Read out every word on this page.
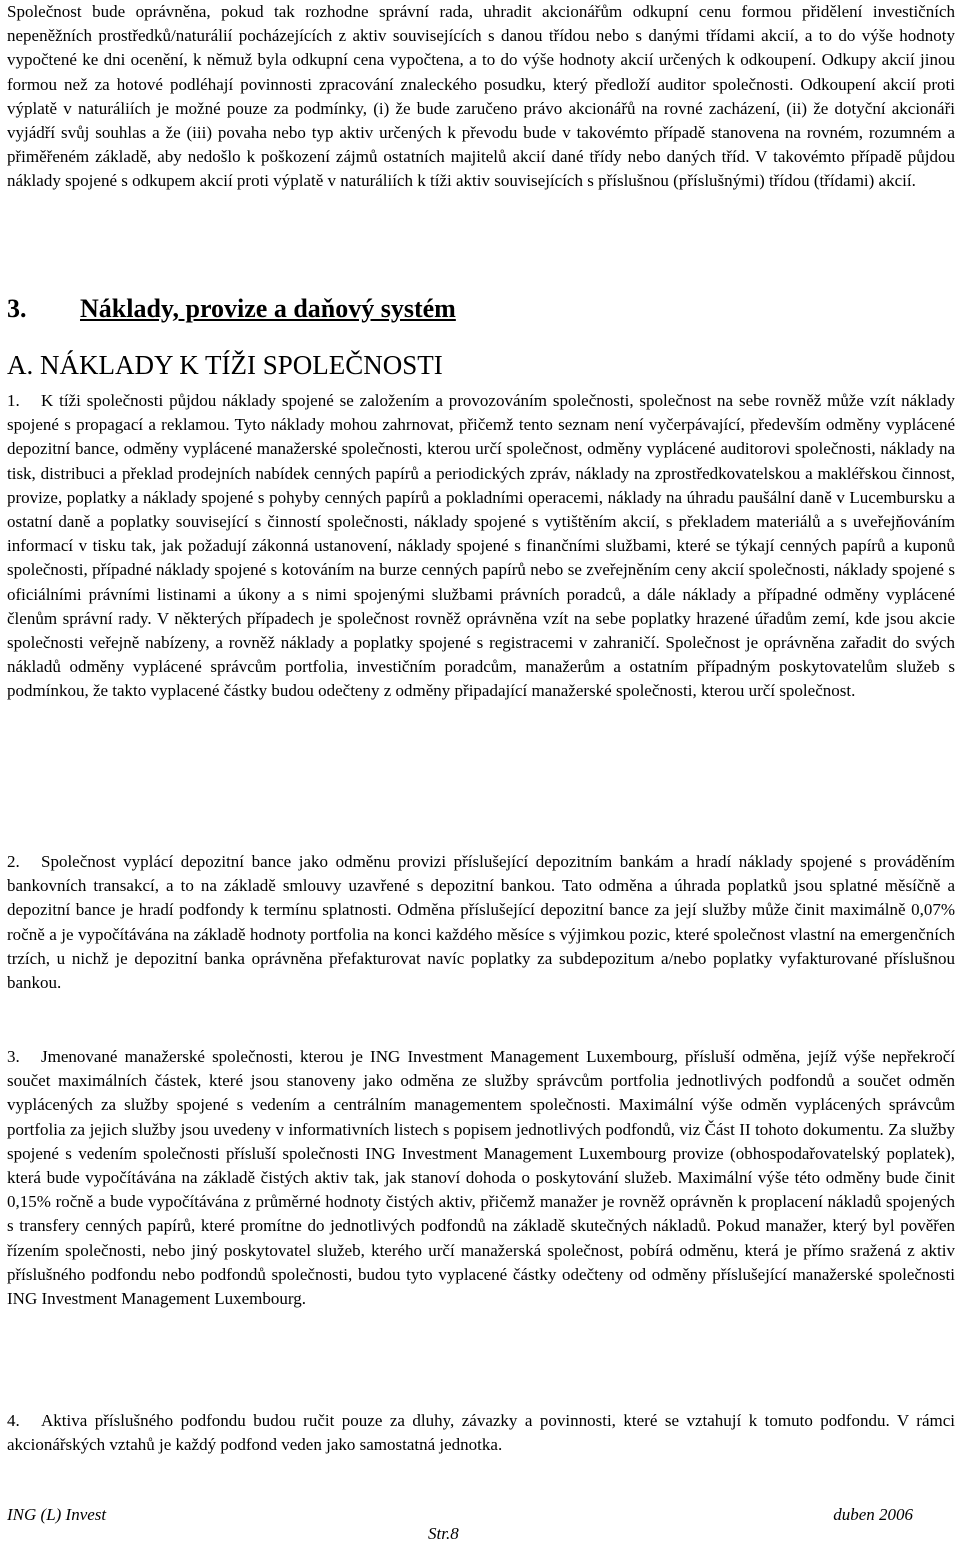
Společnost bude oprávněna, pokud tak rozhodne správní rada, uhradit akcionářům odkupní cenu formou přidělení investičních nepeněžních prostředků/naturálií pocházejících z aktiv souvisejících s danou třídou nebo s danými třídami akcií, a to do výše hodnoty vypočtené ke dni ocenění, k němuž byla odkupní cena vypočtena, a to do výše hodnoty akcií určených k odkoupení. Odkupy akcií jinou formou než za hotové podléhají povinnosti zpracování znaleckého posudku, který předloží auditor společnosti. Odkoupení akcií proti výplatě v naturáliích je možné pouze za podmínky, (i) že bude zaručeno právo akcionářů na rovné zacházení, (ii) že dotyční akcionáři vyjádří svůj souhlas a že (iii) povaha nebo typ aktiv určených k převodu bude v takovémto případě stanovena na rovném, rozumném a přiměřeném základě, aby nedošlo k poškození zájmů ostatních majitelů akcií dané třídy nebo daných tříd. V takovémto případě půjdou náklady spojené s odkupem akcií proti výplatě v naturáliích k tíži aktiv souvisejících s příslušnou (příslušnými) třídou (třídami) akcií.

3. Náklady, provize a daňový systém
A. NÁKLADY K TÍŽI SPOLEČNOSTI

1. K tíži společnosti půjdou náklady spojené se založením a provozováním společnosti, společnost na sebe rovněž může vzít náklady spojené s propagací a reklamou. Tyto náklady mohou zahrnovat, přičemž tento seznam není vyčerpávající, především odměny vyplácené depozitní bance, odměny vyplácené manažerské společnosti, kterou určí společnost, odměny vyplácené auditorovi společnosti, náklady na tisk, distribuci a překlad prodejních nabídek cenných papírů a periodických zpráv, náklady na zprostředkovatelskou a makléřskou činnost, provize, poplatky a náklady spojené s pohyby cenných papírů a pokladními operacemi, náklady na úhradu paušální daně v Lucembursku a ostatní daně a poplatky související s činností společnosti, náklady spojené s vytištěním akcií, s překladem materiálů a s uveřejňováním informací v tisku tak, jak požadují zákonná ustanovení, náklady spojené s finančními službami, které se týkají cenných papírů a kuponů společnosti, případné náklady spojené s kotováním na burze cenných papírů nebo se zveřejněním ceny akcií společnosti, náklady spojené s oficiálními právními listinami a úkony a s nimi spojenými službami právních poradců, a dále náklady a případné odměny vyplácené členům správní rady. V některých případech je společnost rovněž oprávněna vzít na sebe poplatky hrazené úřadům zemí, kde jsou akcie společnosti veřejně nabízeny, a rovněž náklady a poplatky spojené s registracemi v zahraničí. Společnost je oprávněna zařadit do svých nákladů odměny vyplácené správcům portfolia, investičním poradcům, manažerům a ostatním případným poskytovatelům služeb s podmínkou, že takto vyplacené částky budou odečteny z odměny připadající manažerské společnosti, kterou určí společnost.

2. Společnost vyplácí depozitní bance jako odměnu provizi příslušející depozitním bankám a hradí náklady spojené s prováděním bankovních transakcí, a to na základě smlouvy uzavřené s depozitní bankou. Tato odměna a úhrada poplatků jsou splatné měsíčně a depozitní bance je hradí podfondy k termínu splatnosti. Odměna příslušející depozitní bance za její služby může činit maximálně 0,07% ročně a je vypočítávána na základě hodnoty portfolia na konci každého měsíce s výjimkou pozic, které společnost vlastní na emergenčních trzích, u nichž je depozitní banka oprávněna přefakturovat navíc poplatky za subdepozitum a/nebo poplatky vyfakturované příslušnou bankou.

3. Jmenované manažerské společnosti, kterou je ING Investment Management Luxembourg, přísluší odměna, jejíž výše nepřekročí součet maximálních částek, které jsou stanoveny jako odměna ze služby správcům portfolia jednotlivých podfondů a součet odměn vyplácených za služby spojené s vedením a centrálním managementem společnosti. Maximální výše odměn vyplácených správcům portfolia za jejich služby jsou uvedeny v informativních listech s popisem jednotlivých podfondů, viz Část II tohoto dokumentu. Za služby spojené s vedením společnosti přísluší společnosti ING Investment Management Luxembourg provize (obhospodařovatelský poplatek), která bude vypočítávána na základě čistých aktiv tak, jak stanoví dohoda o poskytování služeb. Maximální výše této odměny bude činit 0,15% ročně a bude vypočítávána z průměrné hodnoty čistých aktiv, přičemž manažer je rovněž oprávněn k proplacení nákladů spojených s transfery cenných papírů, které promítne do jednotlivých podfondů na základě skutečných nákladů. Pokud manažer, který byl pověřen řízením společnosti, nebo jiný poskytovatel služeb, kterého určí manažerská společnost, pobírá odměnu, která je přímo sražená z aktiv příslušného podfondu nebo podfondů společnosti, budou tyto vyplacené částky odečteny od odměny příslušející manažerské společnosti ING Investment Management Luxembourg.

4. Aktiva příslušného podfondu budou ručit pouze za dluhy, závazky a povinnosti, které se vztahují k tomuto podfondu. V rámci akcionářských vztahů je každý podfond veden jako samostatná jednotka.

ING (L) Invest	duben 2006
Str.8
